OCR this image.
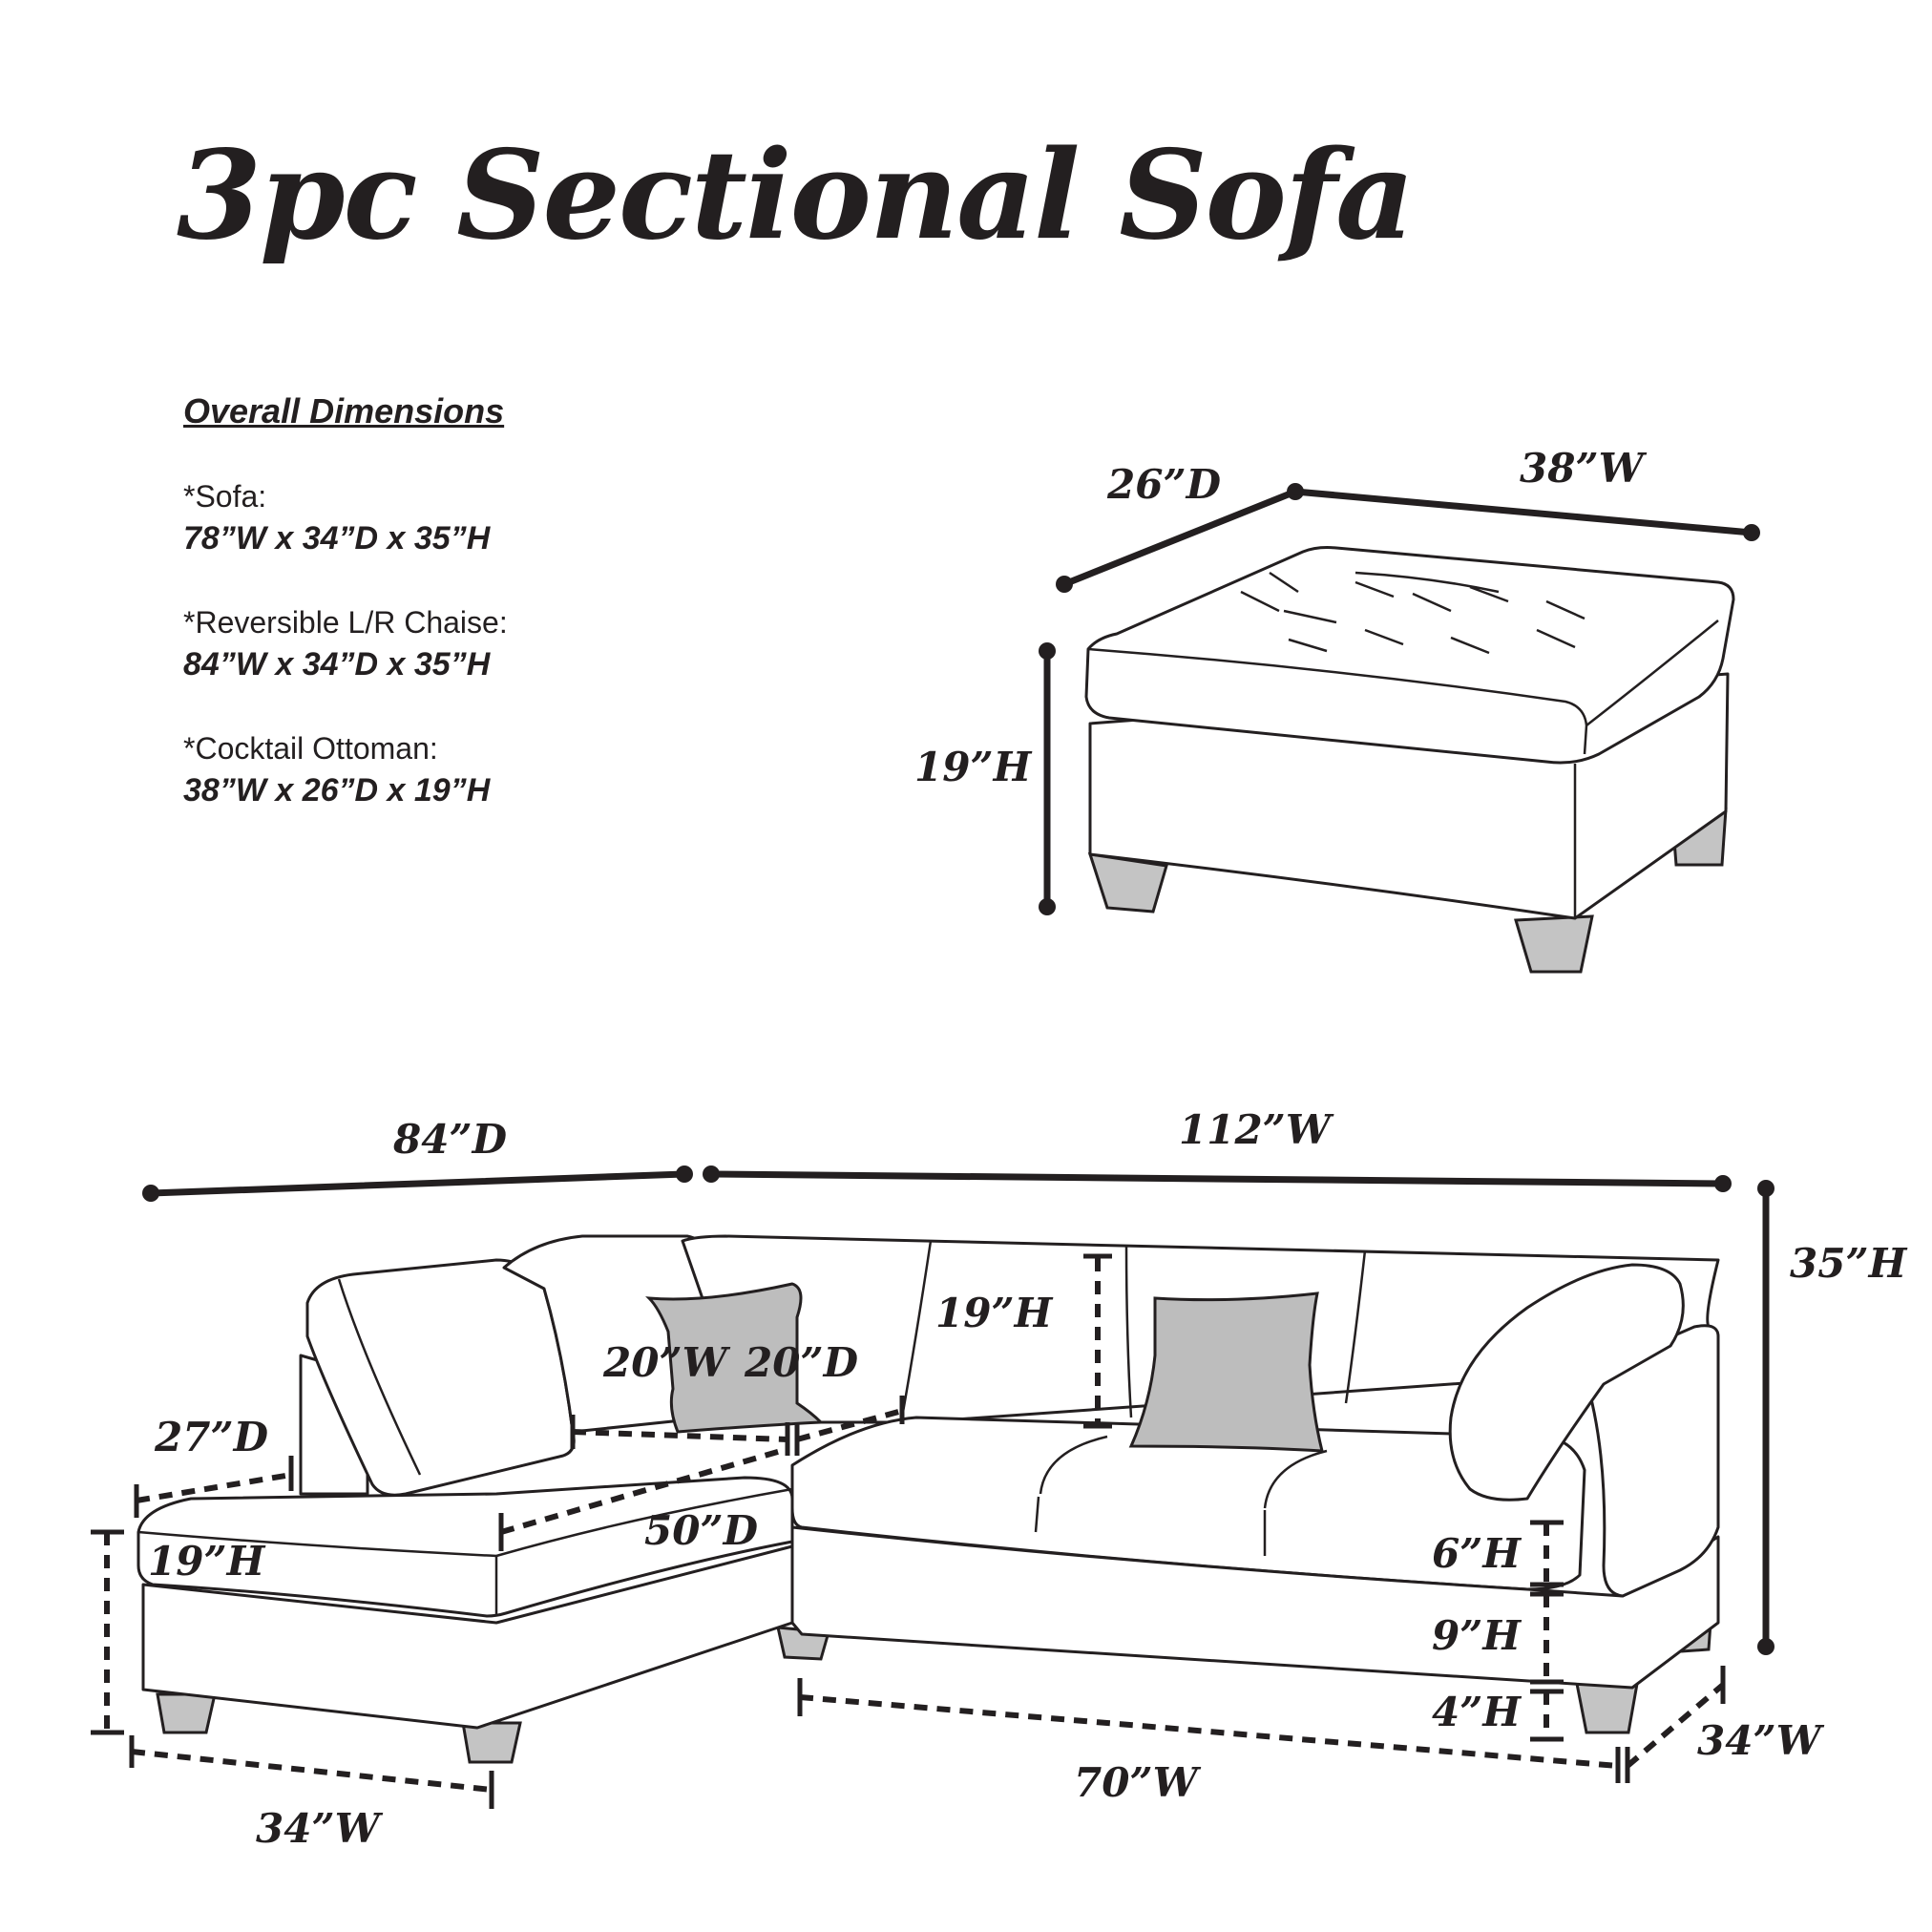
3pc Sectional Sofa
Overall Dimensions
*Sofa:
78”W x 34”D x 35”H
*Reversible L/R Chaise:
84”W x 34”D x 35”H
*Cocktail Ottoman:
38”W x 26”D x 19”H
26”D	38”W
19”H
84”D	112”W
35”H
19”H
20”W 20”D
27”D
19”H
50”D	6”H
9”H
4”H
34”W
70”W
34”W
